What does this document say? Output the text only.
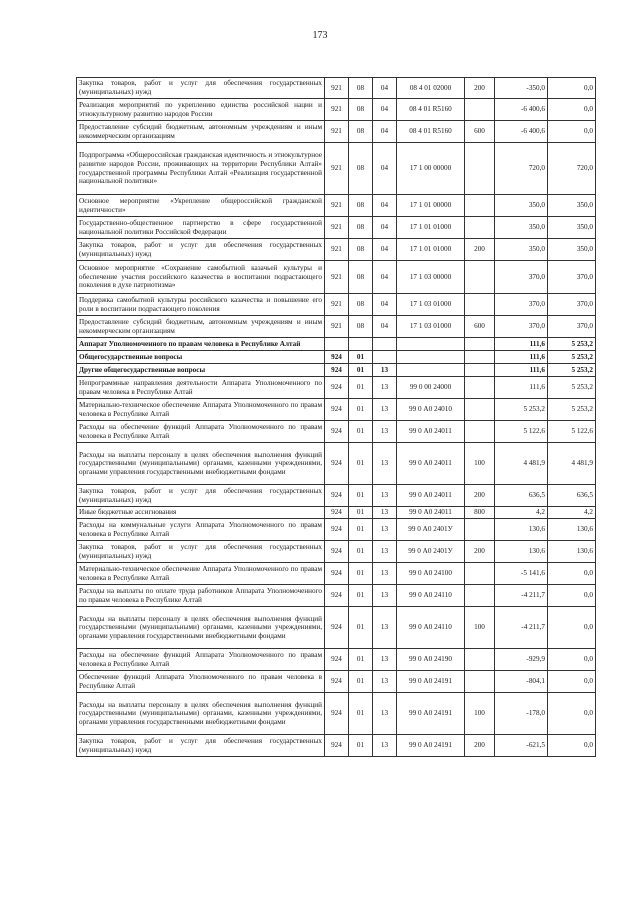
173
Закупка товаров, работ и услуг для обеспечения государственных (муниципальных) нужд	921	08	04	08 4 01 02000	200	-350,0	0,0
Реализация мероприятий по укреплению единства российской нации и этнокультурному развитию народов России	921	08	04	08 4 01 R5160		-6 400,6	0,0
Предоставление субсидий бюджетным, автономным учреждениям и иным некоммерческим организациям	921	08	04	08 4 01 R5160	600	-6 400,6	0,0
Подпрограмма «Общероссийская гражданская идентичность и этнокультурное развитие народов России, проживающих на территории Республики Алтай» государственной программы Республики Алтай «Реализация государственной национальной политики»	921	08	04	17 1 00 00000		720,0	720,0
Основное мероприятие «Укрепление общероссийской гражданской идентичности»	921	08	04	17 1 01 00000		350,0	350,0
Государственно-общественное партнерство в сфере государственной национальной политики Российской Федерации	921	08	04	17 1 01 01000		350,0	350,0
Закупка товаров, работ и услуг для обеспечения государственных (муниципальных) нужд	921	08	04	17 1 01 01000	200	350,0	350,0
Основное мероприятие «Сохранение самобытной казачьей культуры и обеспечение участия российского казачества в воспитании подрастающего поколения в духе патриотизма»	921	08	04	17 1 03 00000		370,0	370,0
Поддержка самобытной культуры российского казачества и повышение его роли в воспитании подрастающего поколения	921	08	04	17 1 03 01000		370,0	370,0
Предоставление субсидий бюджетным, автономным учреждениям и иным некоммерческим организациям	921	08	04	17 1 03 01000	600	370,0	370,0
Аппарат Уполномоченного по правам человека в Республике Алтай						111,6	5 253,2
Общегосударственные вопросы	924	01				111,6	5 253,2
Другие общегосударственные вопросы	924	01	13			111,6	5 253,2
Непрограммные направления деятельности Аппарата Уполномоченного по правам человека в Республике Алтай	924	01	13	99 0 00 24000		111,6	5 253,2
Материально-техническое обеспечение Аппарата Уполномоченного по правам человека в Республике Алтай	924	01	13	99 0 А0 24010		5 253,2	5 253,2
Расходы на обеспечение функций Аппарата Уполномоченного по правам человека в Республике Алтай	924	01	13	99 0 А0 24011		5 122,6	5 122,6
Расходы на выплаты персоналу в целях обеспечения выполнения функций государственными (муниципальными) органами, казенными учреждениями, органами управления государственными внебюджетными фондами	924	01	13	99 0 А0 24011	100	4 481,9	4 481,9
Закупка товаров, работ и услуг для обеспечения государственных (муниципальных) нужд	924	01	13	99 0 А0 24011	200	636,5	636,5
Иные бюджетные ассигнования	924	01	13	99 0 А0 24011	800	4,2	4,2
Расходы на коммунальные услуги Аппарата Уполномоченного по правам человека в Республике Алтай	924	01	13	99 0 А0 2401У		130,6	130,6
Закупка товаров, работ и услуг для обеспечения государственных (муниципальных) нужд	924	01	13	99 0 А0 2401У	200	130,6	130,6
Материально-техническое обеспечение Аппарата Уполномоченного по правам человека в Республике Алтай	924	01	13	99 0 А0 24100		-5 141,6	0,0
Расходы на выплаты по оплате труда работников Аппарата Уполномоченного по правам человека в Республике Алтай	924	01	13	99 0 А0 24110		-4 211,7	0,0
Расходы на выплаты персоналу в целях обеспечения выполнения функций государственными (муниципальными) органами, казенными учреждениями, органами управления государственными внебюджетными фондами	924	01	13	99 0 А0 24110	100	-4 211,7	0,0
Расходы на обеспечение функций Аппарата Уполномоченного по правам человека в Республике Алтай	924	01	13	99 0 А0 24190		-929,9	0,0
Обеспечение функций Аппарата Уполномоченного по правам человека в Республике Алтай	924	01	13	99 0 А0 24191		-804,1	0,0
Расходы на выплаты персоналу в целях обеспечения выполнения функций государственными (муниципальными) органами, казенными учреждениями, органами управления государственными внебюджетными фондами	924	01	13	99 0 А0 24191	100	-178,0	0,0
Закупка товаров, работ и услуг для обеспечения государственных (муниципальных) нужд	924	01	13	99 0 А0 24191	200	-621,5	0,0
